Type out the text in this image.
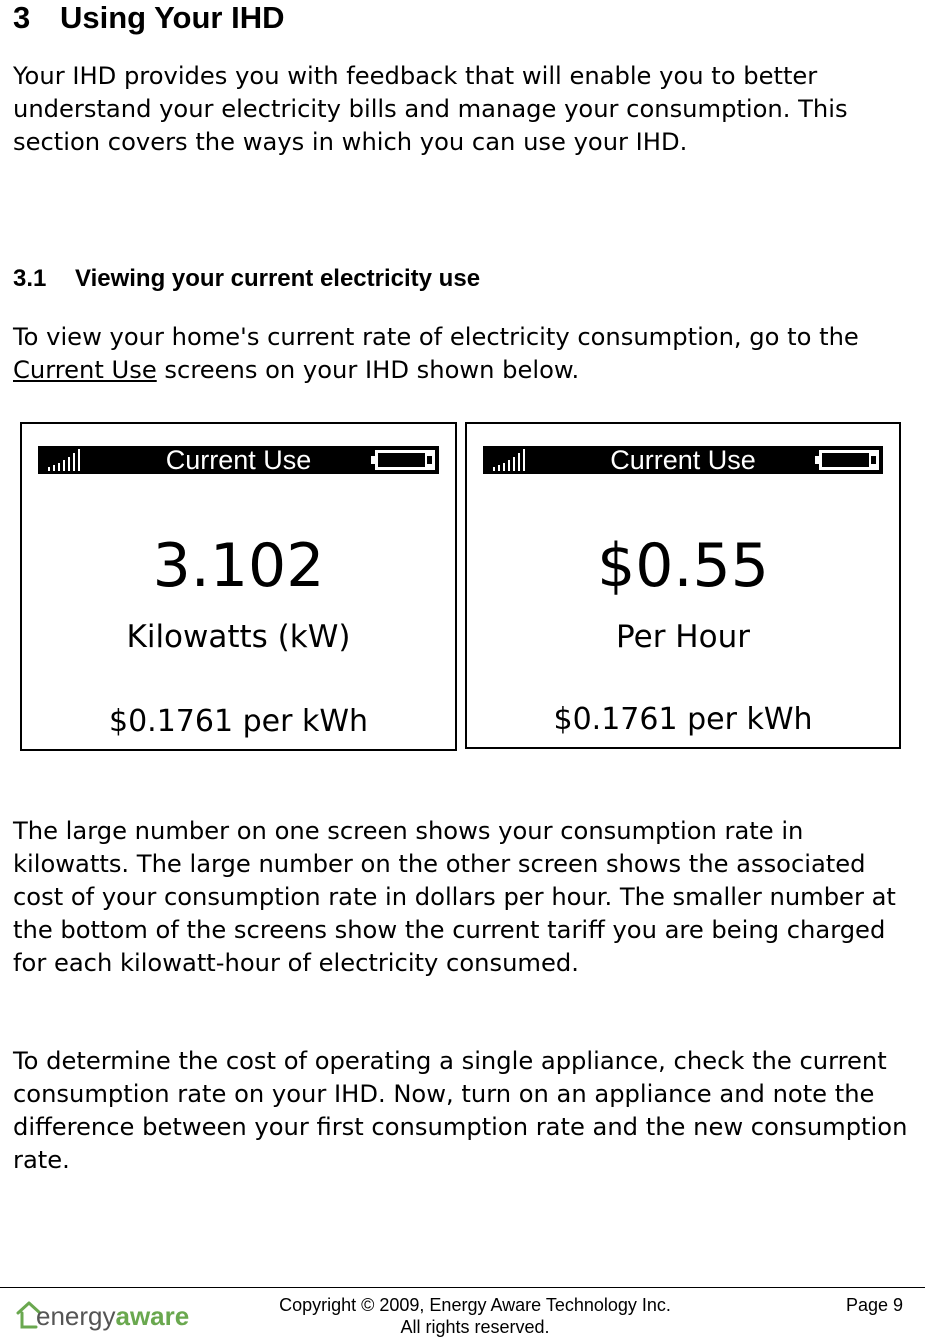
3 Using Your IHD

Your IHD provides you with feedback that will enable you to better understand your electricity bills and manage your consumption. This section covers the ways in which you can use your IHD.

3.1 Viewing your current electricity use

To view your home's current rate of electricity consumption, go to the Current Use screens on your IHD shown below.

Current Use
3.102
Kilowatts (kW)
$0.1761 per kWh
Current Use
$0.55
Per Hour
$0.1761 per kWh

The large number on one screen shows your consumption rate in kilowatts. The large number on the other screen shows the associated cost of your consumption rate in dollars per hour. The smaller number at the bottom of the screens show the current tariff you are being charged for each kilowatt-hour of electricity consumed.

To determine the cost of operating a single appliance, check the current consumption rate on your IHD. Now, turn on an appliance and note the difference between your first consumption rate and the new consumption rate.

energyaware	Copyright © 2009, Energy Aware Technology Inc.
All rights reserved.
Page 9
